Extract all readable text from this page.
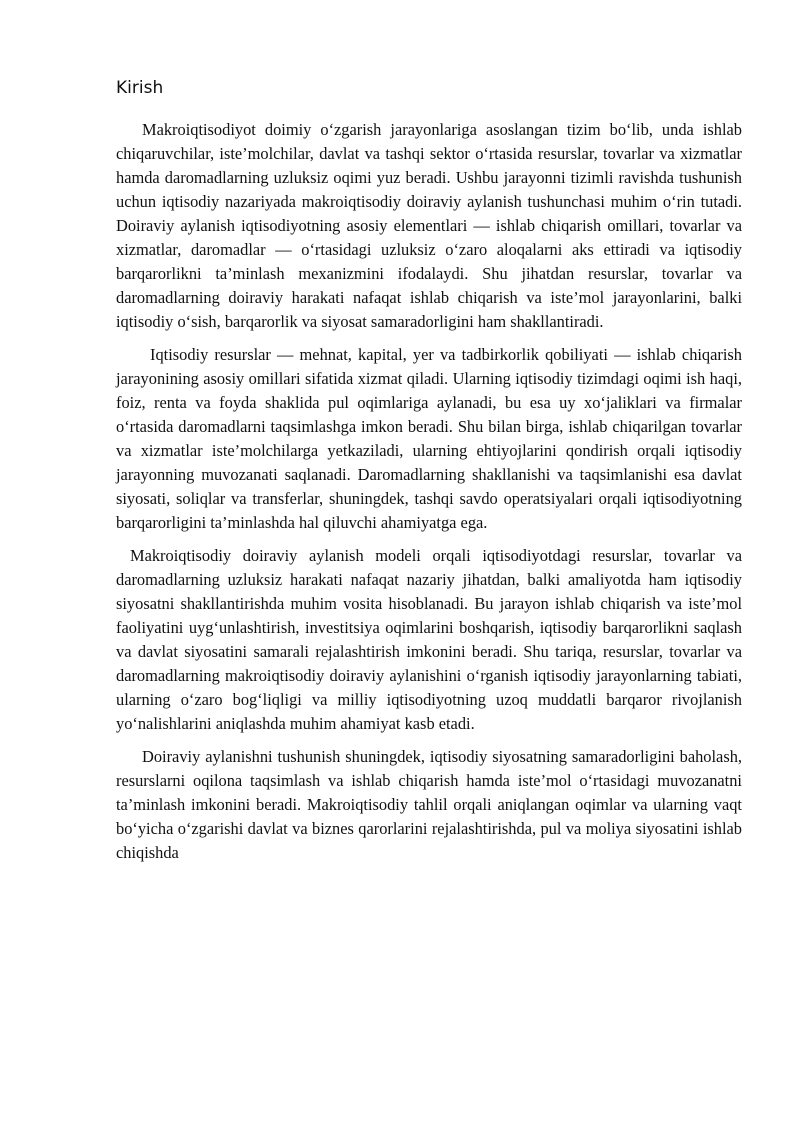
Kirish

Makroiqtisodiyot doimiy o‘zgarish jarayonlariga asoslangan tizim bo‘lib, unda ishlab chiqaruvchilar, iste’molchilar, davlat va tashqi sektor o‘rtasida resurslar, tovarlar va xizmatlar hamda daromadlarning uzluksiz oqimi yuz beradi. Ushbu jarayonni tizimli ravishda tushunish uchun iqtisodiy nazariyada makroiqtisodiy doiraviy aylanish tushunchasi muhim o‘rin tutadi. Doiraviy aylanish iqtisodiyotning asosiy elementlari — ishlab chiqarish omillari, tovarlar va xizmatlar, daromadlar — o‘rtasidagi uzluksiz o‘zaro aloqalarni aks ettiradi va iqtisodiy barqarorlikni ta’minlash mexanizmini ifodalaydi. Shu jihatdan resurslar, tovarlar va daromadlarning doiraviy harakati nafaqat ishlab chiqarish va iste’mol jarayonlarini, balki iqtisodiy o‘sish, barqarorlik va siyosat samaradorligini ham shakllantiradi.

Iqtisodiy resurslar — mehnat, kapital, yer va tadbirkorlik qobiliyati — ishlab chiqarish jarayonining asosiy omillari sifatida xizmat qiladi. Ularning iqtisodiy tizimdagi oqimi ish haqi, foiz, renta va foyda shaklida pul oqimlariga aylanadi, bu esa uy xo‘jaliklari va firmalar o‘rtasida daromadlarni taqsimlashga imkon beradi. Shu bilan birga, ishlab chiqarilgan tovarlar va xizmatlar iste’molchilarga yetkaziladi, ularning ehtiyojlarini qondirish orqali iqtisodiy jarayonning muvozanati saqlanadi. Daromadlarning shakllanishi va taqsimlanishi esa davlat siyosati, soliqlar va transferlar, shuningdek, tashqi savdo operatsiyalari orqali iqtisodiyotning barqarorligini ta’minlashda hal qiluvchi ahamiyatga ega.

Makroiqtisodiy doiraviy aylanish modeli orqali iqtisodiyotdagi resurslar, tovarlar va daromadlarning uzluksiz harakati nafaqat nazariy jihatdan, balki amaliyotda ham iqtisodiy siyosatni shakllantirishda muhim vosita hisoblanadi. Bu jarayon ishlab chiqarish va iste’mol faoliyatini uyg‘unlashtirish, investitsiya oqimlarini boshqarish, iqtisodiy barqarorlikni saqlash va davlat siyosatini samarali rejalashtirish imkonini beradi. Shu tariqa, resurslar, tovarlar va daromadlarning makroiqtisodiy doiraviy aylanishini o‘rganish iqtisodiy jarayonlarning tabiati, ularning o‘zaro bog‘liqligi va milliy iqtisodiyotning uzoq muddatli barqaror rivojlanish yo‘nalishlarini aniqlashda muhim ahamiyat kasb etadi.

Doiraviy aylanishni tushunish shuningdek, iqtisodiy siyosatning samaradorligini baholash, resurslarni oqilona taqsimlash va ishlab chiqarish hamda iste’mol o‘rtasidagi muvozanatni ta’minlash imkonini beradi. Makroiqtisodiy tahlil orqali aniqlangan oqimlar va ularning vaqt bo‘yicha o‘zgarishi davlat va biznes qarorlarini rejalashtirishda, pul va moliya siyosatini ishlab chiqishda
